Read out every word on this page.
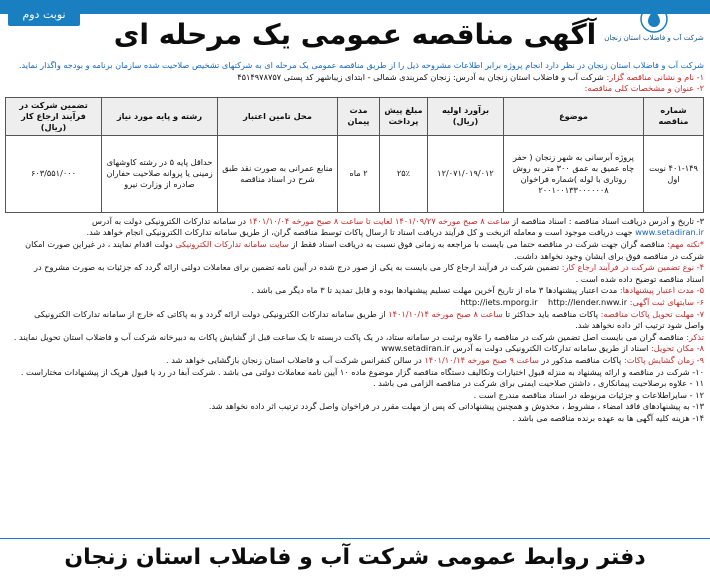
نوبت دوم
آگهی مناقصه عمومی یک مرحله ای	شرکت آب و فاضلاب استان زنجان
شرکت آب و فاضلاب استان زنجان در نظر دارد انجام پروژه برابر اطلاعات مشروحه ذیل را از طریق مناقصه عمومی یک مرحله ای به شرکتهای تشخیص صلاحیت شده سازمان برنامه و بودجه واگذار نماید.
۱- نام و نشانی مناقصه گزار: شرکت آب و فاضلاب استان زنجان به آدرس: زنجان کمربندی شمالی - ابتدای زیباشهر کد پستی ۴۵۱۴۹۷۸۷۵۷
۲- عنوان و مشخصات کلی مناقصه:
شماره مناقصه	موضوع	برآورد اولیه (ریال)	مبلغ پیش پرداخت	مدت پیمان	محل تامین اعتبار	رشته و پایه مورد نیاز	تضمین شرکت در فرآیند ارجاع کار (ریال)
۴۰۱-۱۴۹ نوبت اول	پروژه آبرسانی به شهر زنجان ( حفر چاه عمیق به عمق ۳۰۰ متر به روش روتاری با لوله )شماره فراخوان ۲۰۰۱۰۰۱۳۳۰۰۰۰۰۰۸	۱۲/۰۷۱/۰۱۹/۰۱۲	۲۵٪	۲ ماه	منابع عمرانی به صورت نقد طبق شرح در اسناد مناقصه	حداقل پایه ۵ در رشته کاوشهای زمینی یا پروانه صلاحیت حفاران صادره از وزارت نیرو	۶۰۳/۵۵۱/۰۰۰
۳- تاریخ و آدرس دریافت اسناد مناقصه : اسناد مناقصه از ساعت ۸ صبح مورخه ۱۴۰۱/۰۹/۲۷ لغایت تا ساعت ۸ صبح مورخه ۱۴۰۱/۱۰/۰۴ در سامانه تدارکات الکترونیکی دولت به آدرس
www.setadiran.ir جهت دریافت موجود است و معامله اثربخت و کل فرآیند دریافت اسناد تا ارسال پاکات توسط مناقصه گران، از طریق سامانه تدارکات الکترونیکی انجام خواهد شد.
*نکته مهم: مناقصه گران جهت شرکت در مناقصه حتما می بایست با مراجعه به زمانی فوق نسبت به دریافت اسناد فقط از سایت سامانه تدارکات الکترونیکی دولت اقدام نمایند ، در غیراین صورت امکان
شرکت در مناقصه فوق برای ایشان وجود نخواهد داشت.
۴- نوع تضمین شرکت در فرآیند ارجاع کار: تضمین شرکت در فرآیند ارجاع کار می بایست به یکی از صور درج شده در آیین نامه تضمین برای معاملات دولتی ارائه گردد که جزئیات به صورت مشروح در
اسناد مناقصه توضیح داده شده است .
۵- مدت اعتبار پیشنهادها: مدت اعتبار پیشنهادها ۳ ماه از تاریخ آخرین مهلت تسلیم پیشنهادها بوده و قابل تمدید تا ۳ ماه دیگر می باشد .
۶- سایتهای ثبت آگهی: http://iets.mporg.ir http://lender.nww.ir
۷- مهلت تحویل پاکات مناقصه: پاکات مناقصه باید حداکثر تا ساعت ۸ صبح مورخه ۱۴۰۱/۱۰/۱۴ از طریق سامانه تدارکات الکترونیکی دولت ارائه گردد و به پاکاتی که خارج از سامانه تدارکات الکترونیکی
واصل شود ترتیب اثر داده نخواهد شد.
تذکر: مناقصه گران می بایست اصل تضمین شرکت در مناقصه را علاوه برثبت در سامانه ستاد، در یک پاکت دربسته تا یک ساعت قبل از گشایش پاکات به دبیرخانه شرکت آب و فاضلاب استان تحویل نمایند .
۸- مکان تحویل: اسناد از طریق سامانه تدارکات الکترونیکی دولت به آدرس www.setadiran.ir
۹- زمان گشایش پاکات: پاکات مناقصه مذکور در ساعت ۹ صبح مورخه ۱۴۰۱/۱۰/۱۴ در سالن کنفرانس شرکت آب و فاضلاب استان زنجان بازگشایی خواهد شد .
۱۰- شرکت در مناقصه و ارائه پیشنهاد به منزله قبول اختیارات ونکالیف دستگاه مناقصه گزار موضوع ماده ۱۰ آیین نامه معاملات دولتی می باشد . شرکت آبفا در رد یا قبول هریک از پیشنهادات مختاراست .
۱۱ - علاوه برصلاحیت پیمانکاری ، داشتن صلاحیت ایمنی برای شرکت در مناقصه الزامی می باشد .
۱۲ - سایراطلاعات و جزئیات مربوطه در اسناد مناقصه مندرج است .
۱۳- به پیشنهادهای فاقد امضاء ، مشروط ، مخدوش و همچنین پیشنهاداتی که پس از مهلت مقرر در فراخوان واصل گردد ترتیب اثر داده نخواهد شد.
۱۴- هزینه کلیه آگهی ها به عهده برنده مناقصه می باشد .
دفتر روابط عمومی شرکت آب و فاضلاب استان زنجان
